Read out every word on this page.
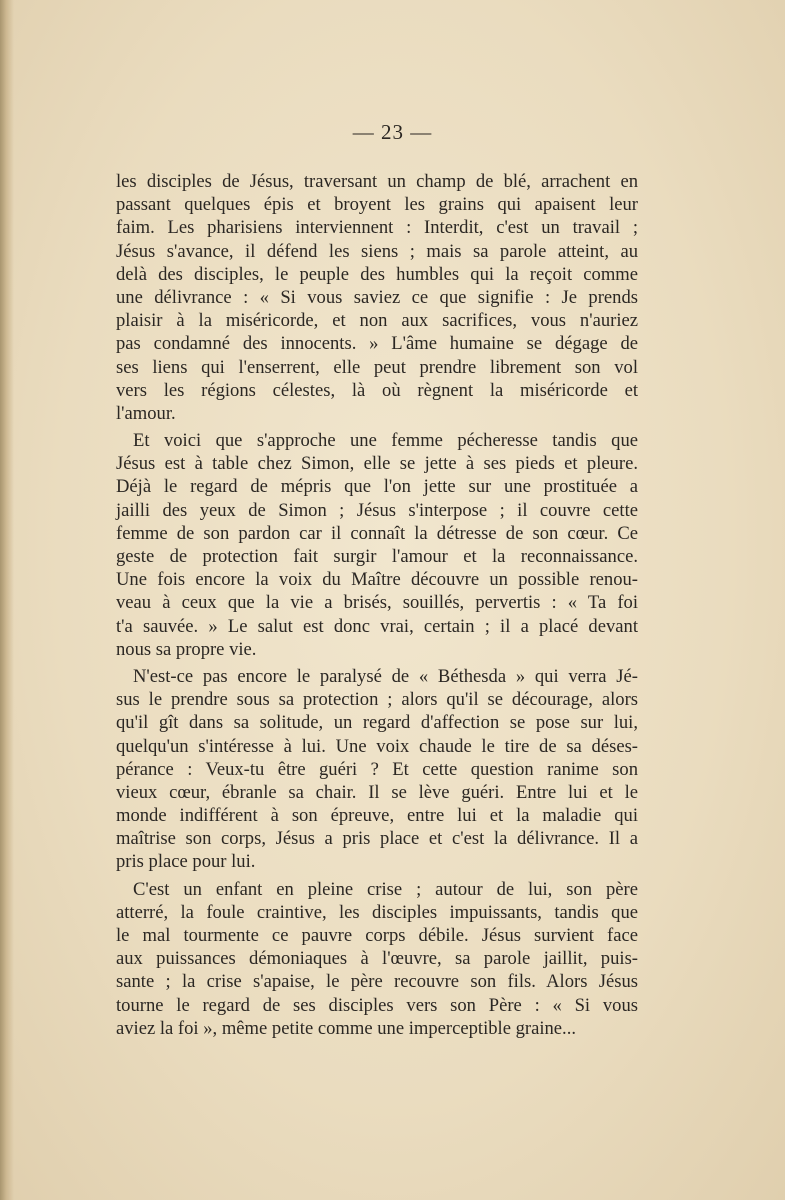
— 23 —
les disciples de Jésus, traversant un champ de blé, arrachent en
passant quelques épis et broyent les grains qui apaisent leur
faim. Les pharisiens interviennent : Interdit, c'est un travail ;
Jésus s'avance, il défend les siens ; mais sa parole atteint, au
delà des disciples, le peuple des humbles qui la reçoit comme
une délivrance : « Si vous saviez ce que signifie : Je prends
plaisir à la miséricorde, et non aux sacrifices, vous n'auriez
pas condamné des innocents. » L'âme humaine se dégage de
ses liens qui l'enserrent, elle peut prendre librement son vol
vers les régions célestes, là où règnent la miséricorde et
l'amour.
Et voici que s'approche une femme pécheresse tandis que
Jésus est à table chez Simon, elle se jette à ses pieds et pleure.
Déjà le regard de mépris que l'on jette sur une prostituée a
jailli des yeux de Simon ; Jésus s'interpose ; il couvre cette
femme de son pardon car il connaît la détresse de son cœur. Ce
geste de protection fait surgir l'amour et la reconnaissance.
Une fois encore la voix du Maître découvre un possible renou-
veau à ceux que la vie a brisés, souillés, pervertis : « Ta foi
t'a sauvée. » Le salut est donc vrai, certain ; il a placé devant
nous sa propre vie.
N'est-ce pas encore le paralysé de « Béthesda » qui verra Jé-
sus le prendre sous sa protection ; alors qu'il se décourage, alors
qu'il gît dans sa solitude, un regard d'affection se pose sur lui,
quelqu'un s'intéresse à lui. Une voix chaude le tire de sa déses-
pérance : Veux-tu être guéri ? Et cette question ranime son
vieux cœur, ébranle sa chair. Il se lève guéri. Entre lui et le
monde indifférent à son épreuve, entre lui et la maladie qui
maîtrise son corps, Jésus a pris place et c'est la délivrance. Il a
pris place pour lui.
C'est un enfant en pleine crise ; autour de lui, son père
atterré, la foule craintive, les disciples impuissants, tandis que
le mal tourmente ce pauvre corps débile. Jésus survient face
aux puissances démoniaques à l'œuvre, sa parole jaillit, puis-
sante ; la crise s'apaise, le père recouvre son fils. Alors Jésus
tourne le regard de ses disciples vers son Père : « Si vous
aviez la foi », même petite comme une imperceptible graine...
